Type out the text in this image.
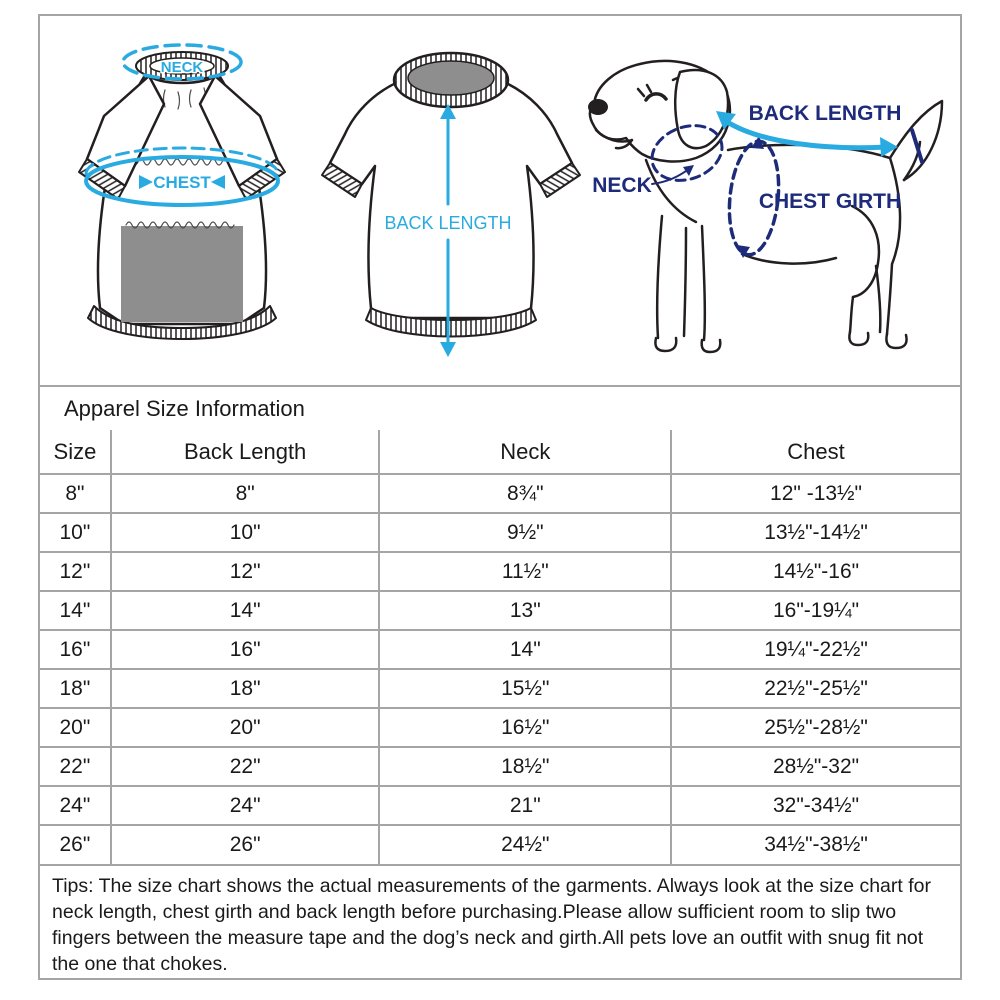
NECK
CHEST
BACK LENGTH
BACK LENGTH
NECK
CHEST GIRTH
Apparel Size Information
Size	Back Length	Neck	Chest
8"	8"	8¾"	12" -13½"
10"	10"	9½"	13½"-14½"
12"	12"	11½"	14½"-16"
14"	14"	13"	16"-19¼"
16"	16"	14"	19¼"-22½"
18"	18"	15½"	22½"-25½"
20"	20"	16½"	25½"-28½"
22"	22"	18½"	28½"-32"
24"	24"	21"	32"-34½"
26"	26"	24½"	34½"-38½"
Tips: The size chart shows the actual measurements of the garments. Always look at the size chart for neck length, chest girth and back length before purchasing.Please allow sufficient room to slip two fingers between the measure tape and the dog’s neck and girth.All pets love an outfit with snug fit not the one that chokes.
